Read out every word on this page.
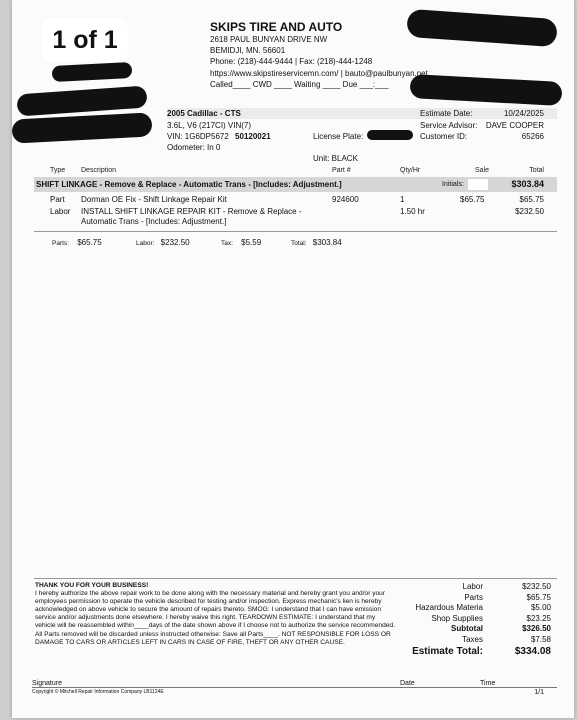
1 of 1	SKIPS TIRE AND AUTO
2618 PAUL BUNYAN DRIVE NW
BEMIDJI, MN. 56601
Phone: (218)-444-9444 | Fax: (218)-444-1248
https://www.skipstireservicemn.com/ | bauto@paulbunyan.net
Called____ CWD ____ Waiting ____ Due ___:___
2005 Cadillac - CTS
3.6L, V6 (217CI) VIN(7)
VIN: 1G6DP5672 50120021
Odometer: In 0
License Plate:
Unit: BLACK
Estimate Date:	10/24/2025
Service Advisor: DAVE COOPER
Customer ID:	65266
Type Description	Part #	Qty/Hr	Sale	Total
SHIFT LINKAGE - Remove & Replace - Automatic Trans - [Includes: Adjustment.]	Initials:	$303.84
Part Dorman OE Fix - Shift Linkage Repair Kit	924600	1	$65.75	$65.75
Labor INSTALL SHIFT LINKAGE REPAIR KIT - Remove & Replace -
Automatic Trans - [Includes: Adjustment.]
1.50 hr	$232.50
Parts: $65.75	Labor: $232.50	Tax: $5.59	Total: $303.84
THANK YOU FOR YOUR BUSINESS!
I hereby authorize the above repair work to be done along with the necessary material and hereby grant you and/or your employees permission to operate the vehicle described for testing and/or inspection. Express mechanic's lien is hereby acknowledged on above vehicle to secure the amount of repairs thereto. SMOG: I understand that I can have emission service and/or adjustments done elsewhere. I hereby waive this right. TEARDOWN ESTIMATE: I understand that my vehicle will be reassembled within____days of the date shown above if I choose not to authorize the service recommended. All Parts removed will be discarded unless instructed otherwise: Save all Parts____. NOT RESPONSIBLE FOR LOSS OR DAMAGE TO CARS OR ARTICLES LEFT IN CARS IN CASE OF FIRE, THEFT OR ANY OTHER CAUSE.
Labor	$232.50
Parts	$65.75
Hazardous Materia	$5.00
Shop Supplies	$23.25
Subtotal	$326.50
Taxes	$7.58
Estimate Total:	$334.08
Signature	Date	Time
Copyright © Mitchell Repair Information Company LB1124E	1/1
